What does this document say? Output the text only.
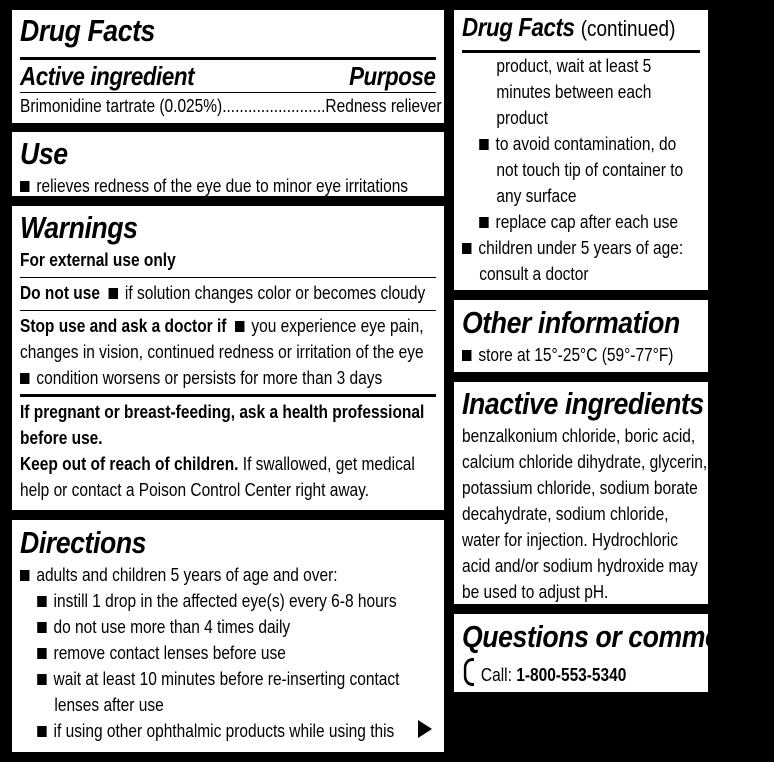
Drug Facts
Active ingredient	Purpose
Brimonidine tartrate (0.025%)........................Redness reliever
Use
relieves redness of the eye due to minor eye irritations
Warnings
For external use only
Do not use if solution changes color or becomes cloudy
Stop use and ask a doctor if you experience eye pain,
changes in vision, continued redness or irritation of the eye
condition worsens or persists for more than 3 days
If pregnant or breast-feeding, ask a health professional
before use.
Keep out of reach of children. If swallowed, get medical
help or contact a Poison Control Center right away.
Directions
adults and children 5 years of age and over:
instill 1 drop in the affected eye(s) every 6-8 hours
do not use more than 4 times daily
remove contact lenses before use
wait at least 10 minutes before re-inserting contact
lenses after use
if using other ophthalmic products while using this
Drug Facts (continued)
product, wait at least 5
minutes between each
product
to avoid contamination, do
not touch tip of container to
any surface
replace cap after each use
children under 5 years of age:
consult a doctor
Other information
store at 15°-25°C (59°-77°F)
Inactive ingredients
benzalkonium chloride, boric acid,
calcium chloride dihydrate, glycerin,
potassium chloride, sodium borate
decahydrate, sodium chloride,
water for injection. Hydrochloric
acid and/or sodium hydroxide may
be used to adjust pH.
Questions or comments?
Call: 1-800-553-5340
